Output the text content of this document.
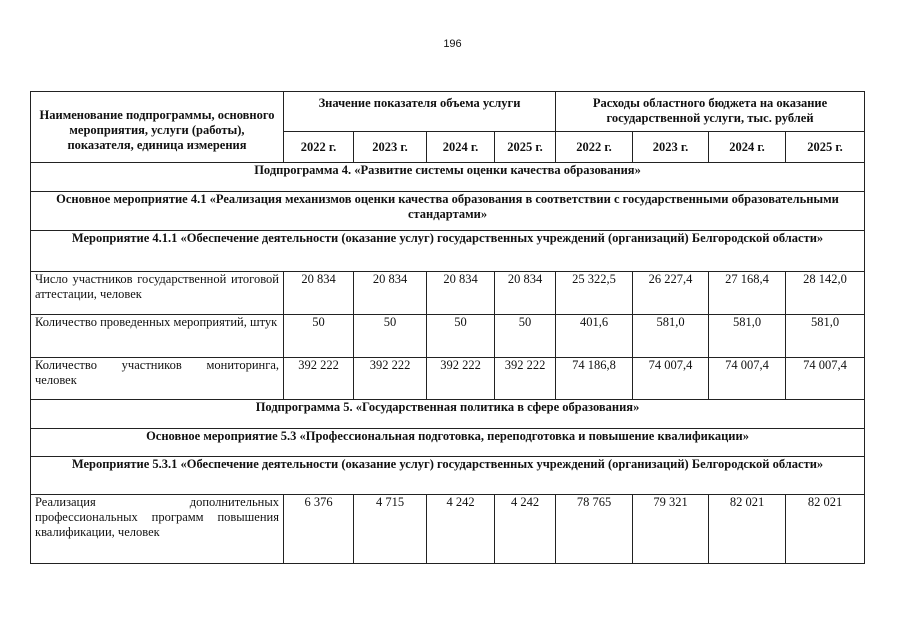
196
Наименование подпрограммы, основного мероприятия, услуги (работы), показателя, единица измерения	Значение показателя объема услуги				Расходы областного бюджета на оказание государственной услуги, тыс. рублей			
	2022 г.	2023 г.	2024 г.	2025 г.	2022 г.	2023 г.	2024 г.	2025 г.
Подпрограмма 4. «Развитие системы оценки качества образования»								
Основное мероприятие 4.1 «Реализация механизмов оценки качества образования в соответствии с государственными образовательными стандартами»								
Мероприятие 4.1.1 «Обеспечение деятельности (оказание услуг) государственных учреждений (организаций) Белгородской области»								
Число участников государственной итоговой аттестации, человек	20 834	20 834	20 834	20 834	25 322,5	26 227,4	27 168,4	28 142,0
Количество проведенных мероприятий, штук	50	50	50	50	401,6	581,0	581,0	581,0
Количество участников мониторинга, человек	392 222	392 222	392 222	392 222	74 186,8	74 007,4	74 007,4	74 007,4
Подпрограмма 5. «Государственная политика в сфере образования»								
Основное мероприятие 5.3 «Профессиональная подготовка, переподготовка и повышение квалификации»								
Мероприятие 5.3.1 «Обеспечение деятельности (оказание услуг) государственных учреждений (организаций) Белгородской области»								
Реализация дополнительных профессиональных программ повышения квалификации, человек	6 376	4 715	4 242	4 242	78 765	79 321	82 021	82 021
